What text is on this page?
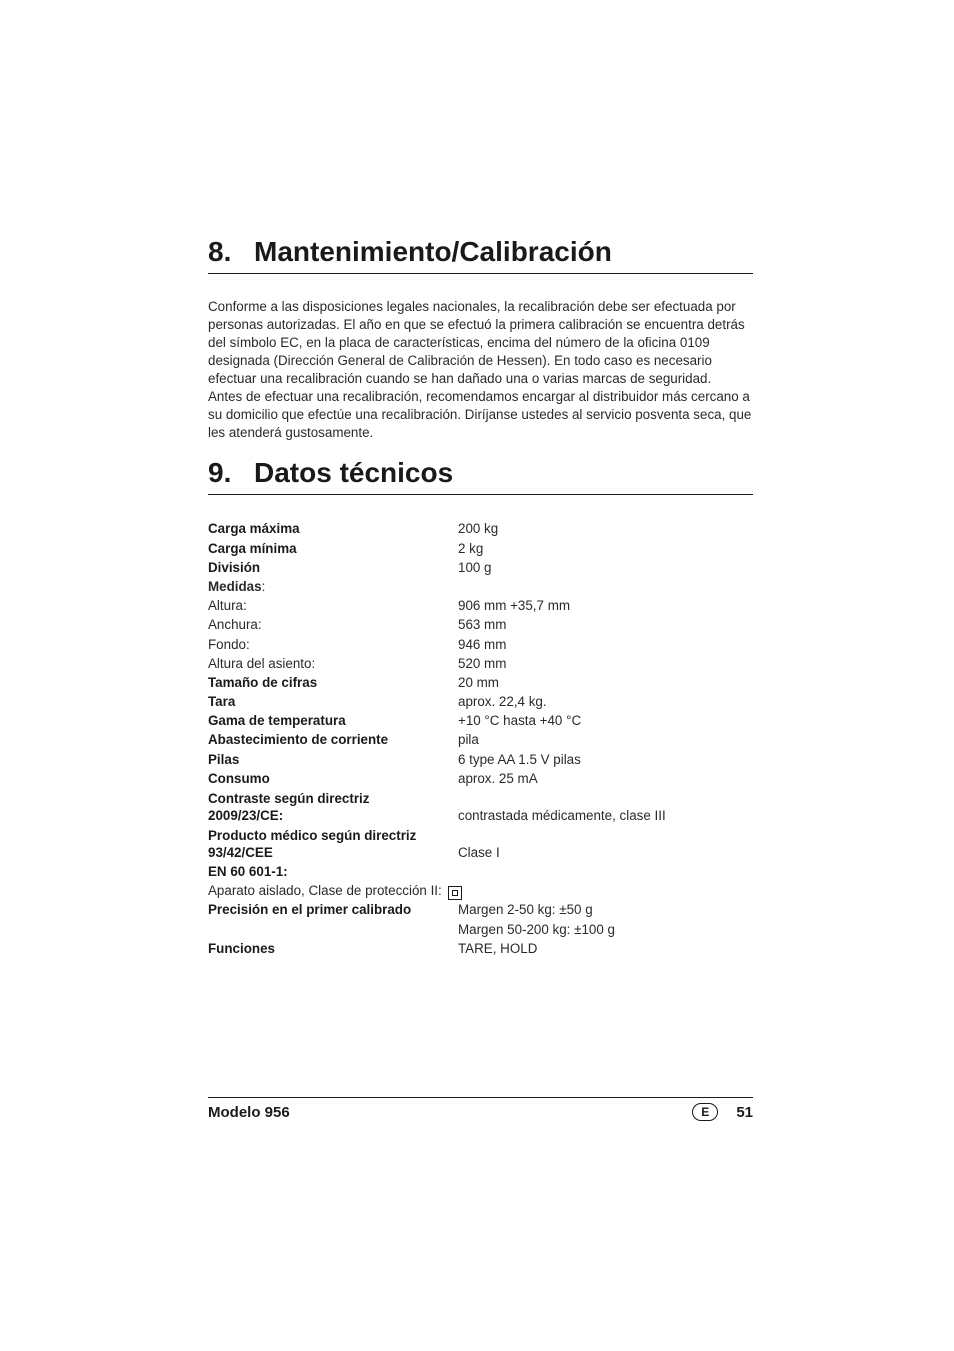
8. Mantenimiento/Calibración

Conforme a las disposiciones legales nacionales, la recalibración debe ser efectuada por personas autorizadas. El año en que se efectuó la primera calibración se encuentra detrás del símbolo EC, en la placa de características, encima del número de la oficina 0109 designada (Dirección General de Calibración de Hessen). En todo caso es necesario efectuar una recalibración cuando se han dañado una o varias marcas de seguridad.

Antes de efectuar una recalibración, recomendamos encargar al distribuidor más cercano a su domicilio que efectúe una recalibración. Diríjanse ustedes al servicio posventa seca, que les atenderá gustosamente.

9. Datos técnicos
Carga máxima	200 kg
Carga mínima	2 kg
División	100 g
Medidas:
Altura:	906 mm +35,7 mm
Anchura:	563 mm
Fondo:	946 mm
Altura del asiento:	520 mm
Tamaño de cifras	20 mm
Tara	aprox. 22,4 kg.
Gama de temperatura	+10 °C hasta +40 °C
Abastecimiento de corriente	pila
Pilas	6 type AA 1.5 V pilas
Consumo	aprox. 25 mA
Contraste según directriz
2009/23/CE:	contrastada médicamente, clase III
Producto médico según directriz
93/42/CEE	Clase I
EN 60 601-1:
Aparato aislado, Clase de protección II:
Precisión en el primer calibrado	Margen 2-50 kg: ±50 g
Margen 50-200 kg: ±100 g
Funciones	TARE, HOLD
Modelo 956	E	51
